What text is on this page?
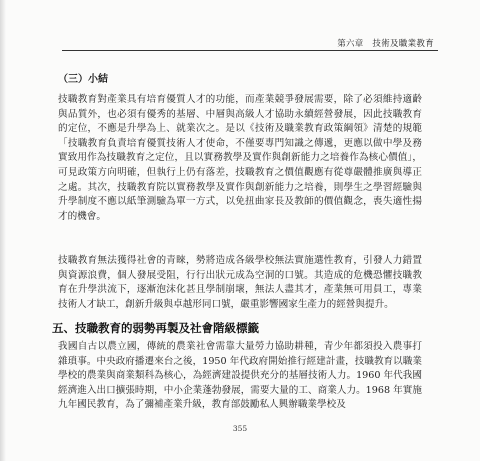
第六章　技術及職業教育
（三）小結

技職教育對產業具有培育優質人才的功能，而產業競爭發展需要，除了必須維持適齡與品質外，也必須有優秀的基層、中層與高級人才協助永續經營發展，因此技職教育的定位，不應是升學為上、就業次之。是以《技術及職業教育政策綱領》清楚的規範「技職教育負責培育優質技術人才使命，不僅要專門知識之傳遞，更應以做中學及務實致用作為技職教育之定位，且以實務教學及實作與創新能力之培養作為核心價值」，可見政策方向明確，但執行上仍有落差，技職教育之價值觀應有從尊嚴體推廣與導正之處。其次，技職教育院以實務教學及實作與創新能力之培養，則學生之學習經驗與升學制度不應以紙筆測驗為單一方式，以免扭曲家長及教師的價值觀念，喪失適性揚才的機會。

技職教育無法獲得社會的青睞，勢將造成各級學校無法實施選性教育，引發人力錯置與資源浪費，個人發展受阻，行行出狀元成為空洞的口號。其造成的危機恐懼技職教育在升學洪流下，逐漸泡沫化甚且學制崩壞，無法人盡其才，產業無可用員工，專業技術人才缺工，創新升級與卓越形同口號，嚴重影響國家生產力的經營與提升。

五、技職教育的弱勢再製及社會階級標籤

我國自古以農立國，傳統的農業社會需靠大量勞力協助耕種，青少年都須投入農事打雜瑣事。中央政府播遷來台之後，1950 年代政府開始推行經建計畫，技職教育以職業學校的農業與商業類科為核心，為經濟建設提供充分的基層技術人力。1960 年代我國經濟進入出口擴張時期，中小企業蓬勃發展，需要大量的工、商業人力。1968 年實施九年國民教育，為了彌補產業升級，教育部鼓勵私人興辦職業學校及

355
